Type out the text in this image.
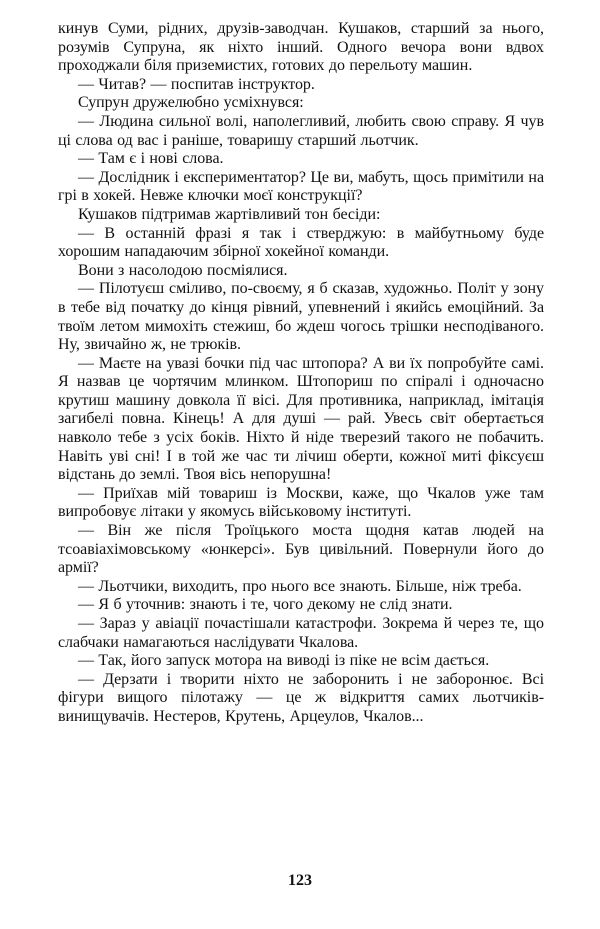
кинув Суми, рідних, друзів-заводчан. Кушаков, старший за нього, розумів Супруна, як ніхто інший. Одного вечора вони вдвох проходжали біля приземистих, готових до перельоту машин.

— Читав? — поспитав інструктор.

Супрун дружелюбно усміхнувся:

— Людина сильної волі, наполегливий, любить свою справу. Я чув ці слова од вас і раніше, товаришу старший льотчик.

— Там є і нові слова.

— Дослідник і експериментатор? Це ви, мабуть, щось примітили на грі в хокей. Невже ключки моєї конструкції?

Кушаков підтримав жартівливий тон бесіди:

— В останній фразі я так і стверджую: в майбутньому буде хорошим нападаючим збірної хокейної команди.

Вони з насолодою посміялися.

— Пілотуєш сміливо, по-своєму, я б сказав, художньо. Політ у зону в тебе від початку до кінця рівний, упевнений і якийсь емоційний. За твоїм летом мимохіть стежиш, бо ждеш чогось трішки несподіваного. Ну, звичайно ж, не трюків.

— Маєте на увазі бочки під час штопора? А ви їх попробуйте самі. Я назвав це чортячим млинком. Штопориш по спіралі і одночасно крутиш машину довкола її вісі. Для противника, наприклад, імітація загибелі повна. Кінець! А для душі — рай. Увесь світ обертається навколо тебе з усіх боків. Ніхто й ніде тверезий такого не побачить. Навіть уві сні! І в той же час ти лічиш оберти, кожної миті фіксуєш відстань до землі. Твоя вісь непорушна!

— Приїхав мій товариш із Москви, каже, що Чкалов уже там випробовує літаки у якомусь військовому інституті.

— Він же після Троїцького моста щодня катав людей на тсоавіахімовському «юнкерсі». Був цивільний. Повернули його до армії?

— Льотчики, виходить, про нього все знають. Більше, ніж треба.

— Я б уточнив: знають і те, чого декому не слід знати.

— Зараз у авіації почастішали катастрофи. Зокрема й через те, що слабчаки намагаються наслідувати Чкалова.

— Так, його запуск мотора на виводі із піке не всім дається.

— Дерзати і творити ніхто не заборонить і не заборонює. Всі фігури вищого пілотажу — це ж відкриття самих льотчиків-винищувачів. Нестеров, Крутень, Арцеулов, Чкалов...

123
